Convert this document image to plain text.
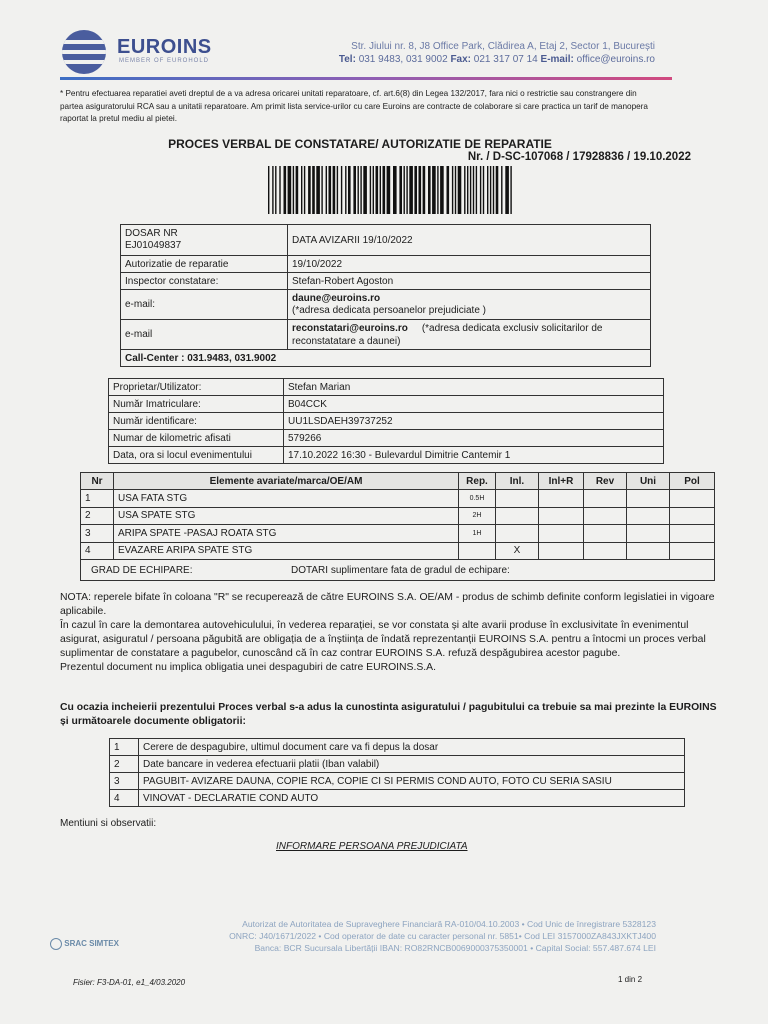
EUROINS
MEMBER OF EUROHOLD
Str. Jiului nr. 8, J8 Office Park, Clădirea A, Etaj 2, Sector 1, București
Tel: 031 9483, 031 9002 Fax: 021 317 07 14 E-mail: office@euroins.ro
* Pentru efectuarea reparatiei aveti dreptul de a va adresa oricarei unitati reparatoare, cf. art.6(8) din Legea 132/2017, fara nici o restrictie sau constrangere din partea asiguratorului RCA sau a unitatii reparatoare. Am primit lista service-urilor cu care Euroins are contracte de colaborare si care practica un tarif de manopera raportat la pretul mediu al pietei.
PROCES VERBAL DE CONSTATARE/ AUTORIZATIE DE REPARATIE
Nr. / D-SC-107068 / 17928836 / 19.10.2022
DOSAR NR
EJ01049837	DATA AVIZARII 19/10/2022
Autorizatie de reparatie	19/10/2022
Inspector constatare:	Stefan-Robert Agoston
e-mail:	daune@euroins.ro
(*adresa dedicata persoanelor prejudiciate )

e-mail	reconstatari@euroins.ro (*adresa dedicata exclusiv solicitarilor de reconstatatare a daunei)
Call-Center : 031.9483, 031.9002	
Proprietar/Utilizator:	Stefan Marian
Număr Imatriculare:	B04CCK
Număr identificare:	UU1LSDAEH39737252
Numar de kilometric afisati	579266
Data, ora si locul evenimentului	17.10.2022 16:30 - Bulevardul Dimitrie Cantemir 1
Nr	Elemente avariate/marca/OE/AM	Rep.	Inl.	Inl+R	Rev	Uni	Pol
1	USA FATA STG	0.5H					
2	USA SPATE STG	2H					
3	ARIPA SPATE -PASAJ ROATA STG	1H					
4	EVAZARE ARIPA SPATE STG		X				
GRAD DE ECHIPARE: DOTARI suplimentare fata de gradul de echipare:							

NOTA: reperele bifate în coloana "R" se recuperează de către EUROINS S.A. OE/AM - produs de schimb definite conform legislatiei in vigoare aplicabile.

În cazul în care la demontarea autovehiculului, în vederea reparației, se vor constata și alte avarii produse în exclusivitate în evenimentul asigurat, asiguratul / persoana păgubită are obligația de a înștiința de îndată reprezentanții EUROINS S.A. pentru a întocmi un proces verbal suplimentar de constatare a pagubelor, cunoscând că în caz contrar EUROINS S.A. refuză despăgubirea acestor pagube.

Prezentul document nu implica obligatia unei despagubiri de catre EUROINS.S.A.

Cu ocazia incheierii prezentului Proces verbal s-a adus la cunostinta asiguratului / pagubitului ca trebuie sa mai prezinte la EUROINS și următoarele documente obligatorii:
1	Cerere de despagubire, ultimul document care va fi depus la dosar
2	Date bancare in vederea efectuarii platii (Iban valabil)
3	PAGUBIT- AVIZARE DAUNA, COPIE RCA, COPIE CI SI PERMIS COND AUTO, FOTO CU SERIA SASIU
4	VINOVAT - DECLARATIE COND AUTO
Mentiuni si observatii:
INFORMARE PERSOANA PREJUDICIATA
SRAC SIMTEX
Autorizat de Autoritatea de Supraveghere Financiară RA-010/04.10.2003 • Cod Unic de înregistrare 5328123
ONRC: J40/1671/2022 • Cod operator de date cu caracter personal nr. 5851• Cod LEI 3157000ZA843JXKTJ400
Banca: BCR Sucursala Libertății IBAN: RO82RNCB0069000375350001 • Capital Social: 557.487.674 LEI
Fisier: F3-DA-01, e1_4/03.2020	1 din 2
